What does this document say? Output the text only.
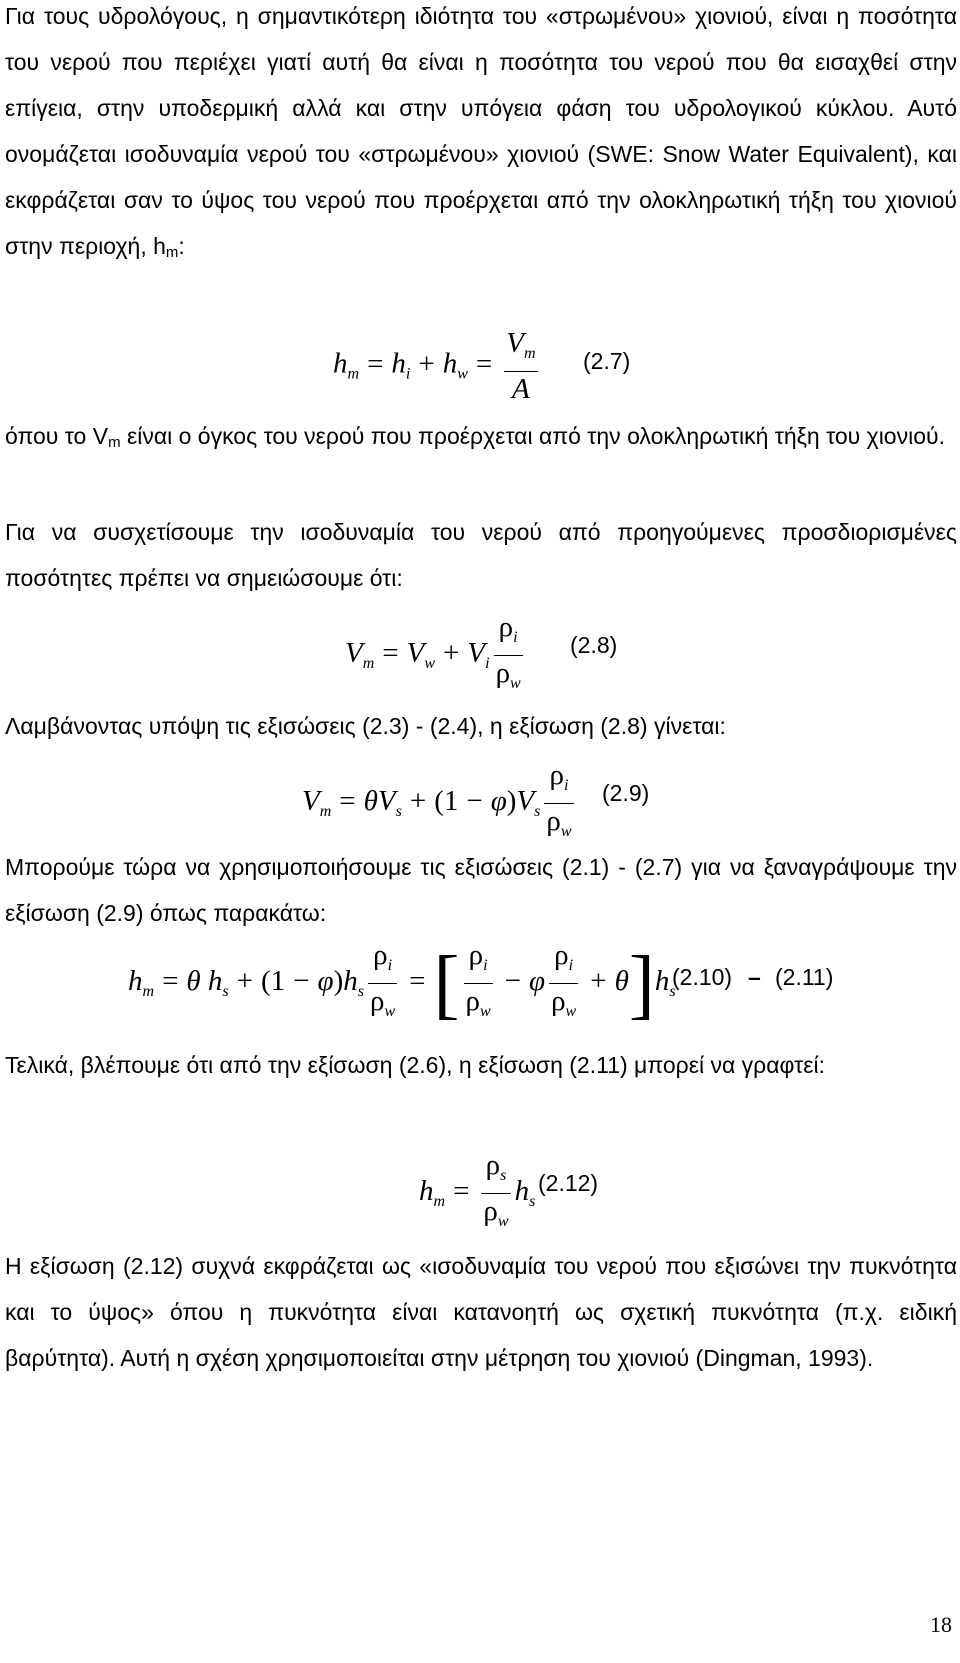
Για τους υδρολόγους, η σημαντικότερη ιδιότητα του «στρωμένου» χιονιού, είναι η ποσότητα του νερού που περιέχει γιατί αυτή θα είναι η ποσότητα του νερού που θα εισαχθεί στην επίγεια, στην υποδερμική αλλά και στην υπόγεια φάση του υδρολογικού κύκλου. Αυτό ονομάζεται ισοδυναμία νερού του «στρωμένου» χιονιού (SWE: Snow Water Equivalent), και εκφράζεται σαν το ύψος του νερού που προέρχεται από την ολοκληρωτική τήξη του χιονιού στην περιοχή, $h_m$:
$h_m = h_i + h_w = \frac{V_m}{A} (2.7)$
όπου το $V_m$ είναι ο όγκος του νερού που προέρχεται από την ολοκληρωτική τήξη του χιονιού.
Για να συσχετίσουμε την ισοδυναμία του νερού από προηγούμενες προσδιορισμένες ποσότητες πρέπει να σημειώσουμε ότι:
$V_m = V_w + V_i \frac{\rho_i}{\rho_w} (2.8)$
Λαμβάνοντας υπόψη τις εξισώσεις (2.3) - (2.4), η εξίσωση (2.8) γίνεται:
$V_m = \theta V_s + (1 - \varphi)V_s \frac{\rho_i}{\rho_w} (2.9)$
Μπορούμε τώρα να χρησιμοποιήσουμε τις εξισώσεις (2.1) - (2.7) για να ξαναγράψουμε την εξίσωση (2.9) όπως παρακάτω:
$h_m = \theta$ $h_s + (1 - \varphi)h_s \frac{\rho_i}{\rho_w}$ = [ $\frac{\rho_i}{\rho_w} - \varphi \frac{\rho_i}{\rho_w} + \theta]h_s$
(2.10) – (2.11)
Τελικά, βλέπουμε ότι από την εξίσωση (2.6), η εξίσωση (2.11) μπορεί να γραφτεί:
$h_m = \frac{\rho_s}{\rho_w} h_s$
(2.12)
Η εξίσωση (2.12) συχνά εκφράζεται ως «ισοδυναμία του νερού που εξισώνει την πυκνότητα και το ύψος» όπου η πυκνότητα είναι κατανοητή ως σχετική πυκνότητα (π.χ. ειδική βαρύτητα). Αυτή η σχέση χρησιμοποιείται στην μέτρηση του χιονιού (Dingman, 1993).
18
